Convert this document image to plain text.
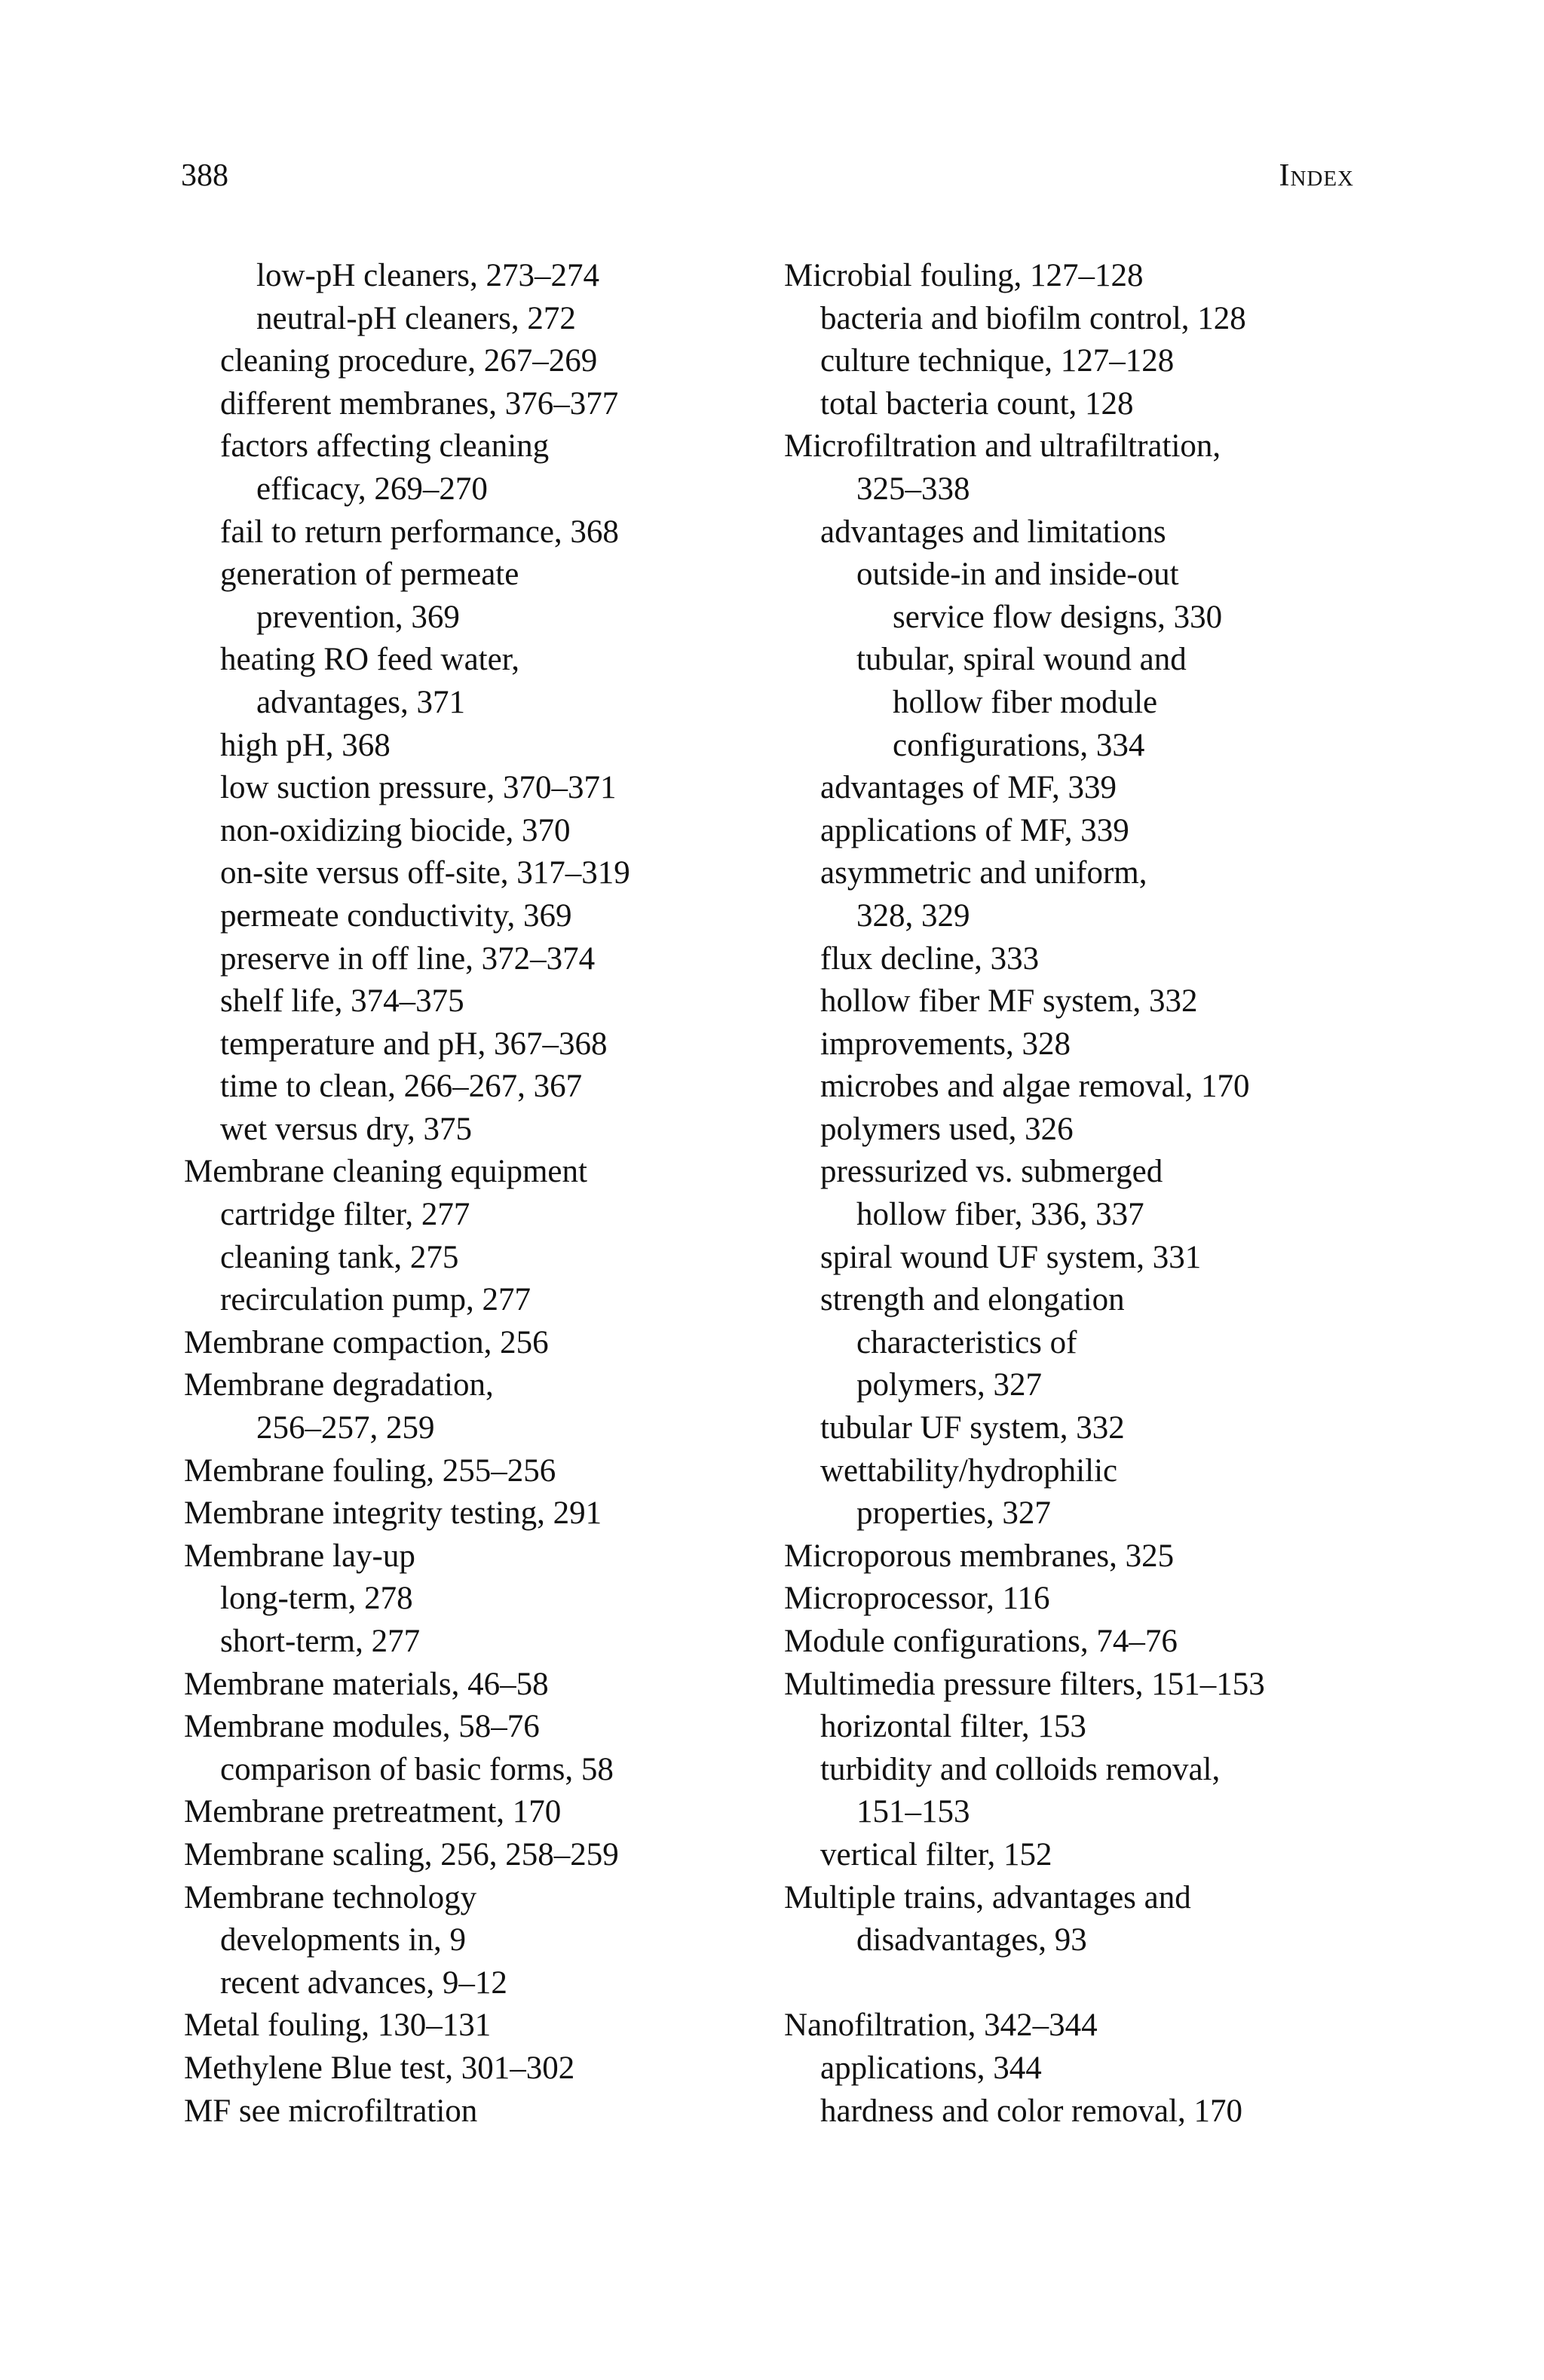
388	Index
low-pH cleaners, 273–274
neutral-pH cleaners, 272
cleaning procedure, 267–269
different membranes, 376–377
factors affecting cleaning
efficacy, 269–270
fail to return performance, 368
generation of permeate
prevention, 369
heating RO feed water,
advantages, 371
high pH, 368
low suction pressure, 370–371
non-oxidizing biocide, 370
on-site versus off-site, 317–319
permeate conductivity, 369
preserve in off line, 372–374
shelf life, 374–375
temperature and pH, 367–368
time to clean, 266–267, 367
wet versus dry, 375
Membrane cleaning equipment
cartridge filter, 277
cleaning tank, 275
recirculation pump, 277
Membrane compaction, 256
Membrane degradation,
256–257, 259
Membrane fouling, 255–256
Membrane integrity testing, 291
Membrane lay-up
long-term, 278
short-term, 277
Membrane materials, 46–58
Membrane modules, 58–76
comparison of basic forms, 58
Membrane pretreatment, 170
Membrane scaling, 256, 258–259
Membrane technology
developments in, 9
recent advances, 9–12
Metal fouling, 130–131
Methylene Blue test, 301–302
MF see microfiltration
Microbial fouling, 127–128
bacteria and biofilm control, 128
culture technique, 127–128
total bacteria count, 128
Microfiltration and ultrafiltration,
325–338
advantages and limitations
outside-in and inside-out
service flow designs, 330
tubular, spiral wound and
hollow fiber module
configurations, 334
advantages of MF, 339
applications of MF, 339
asymmetric and uniform,
328, 329
flux decline, 333
hollow fiber MF system, 332
improvements, 328
microbes and algae removal, 170
polymers used, 326
pressurized vs. submerged
hollow fiber, 336, 337
spiral wound UF system, 331
strength and elongation
characteristics of
polymers, 327
tubular UF system, 332
wettability/hydrophilic
properties, 327
Microporous membranes, 325
Microprocessor, 116
Module configurations, 74–76
Multimedia pressure filters, 151–153
horizontal filter, 153
turbidity and colloids removal,
151–153
vertical filter, 152
Multiple trains, advantages and
disadvantages, 93
Nanofiltration, 342–344
applications, 344
hardness and color removal, 170
